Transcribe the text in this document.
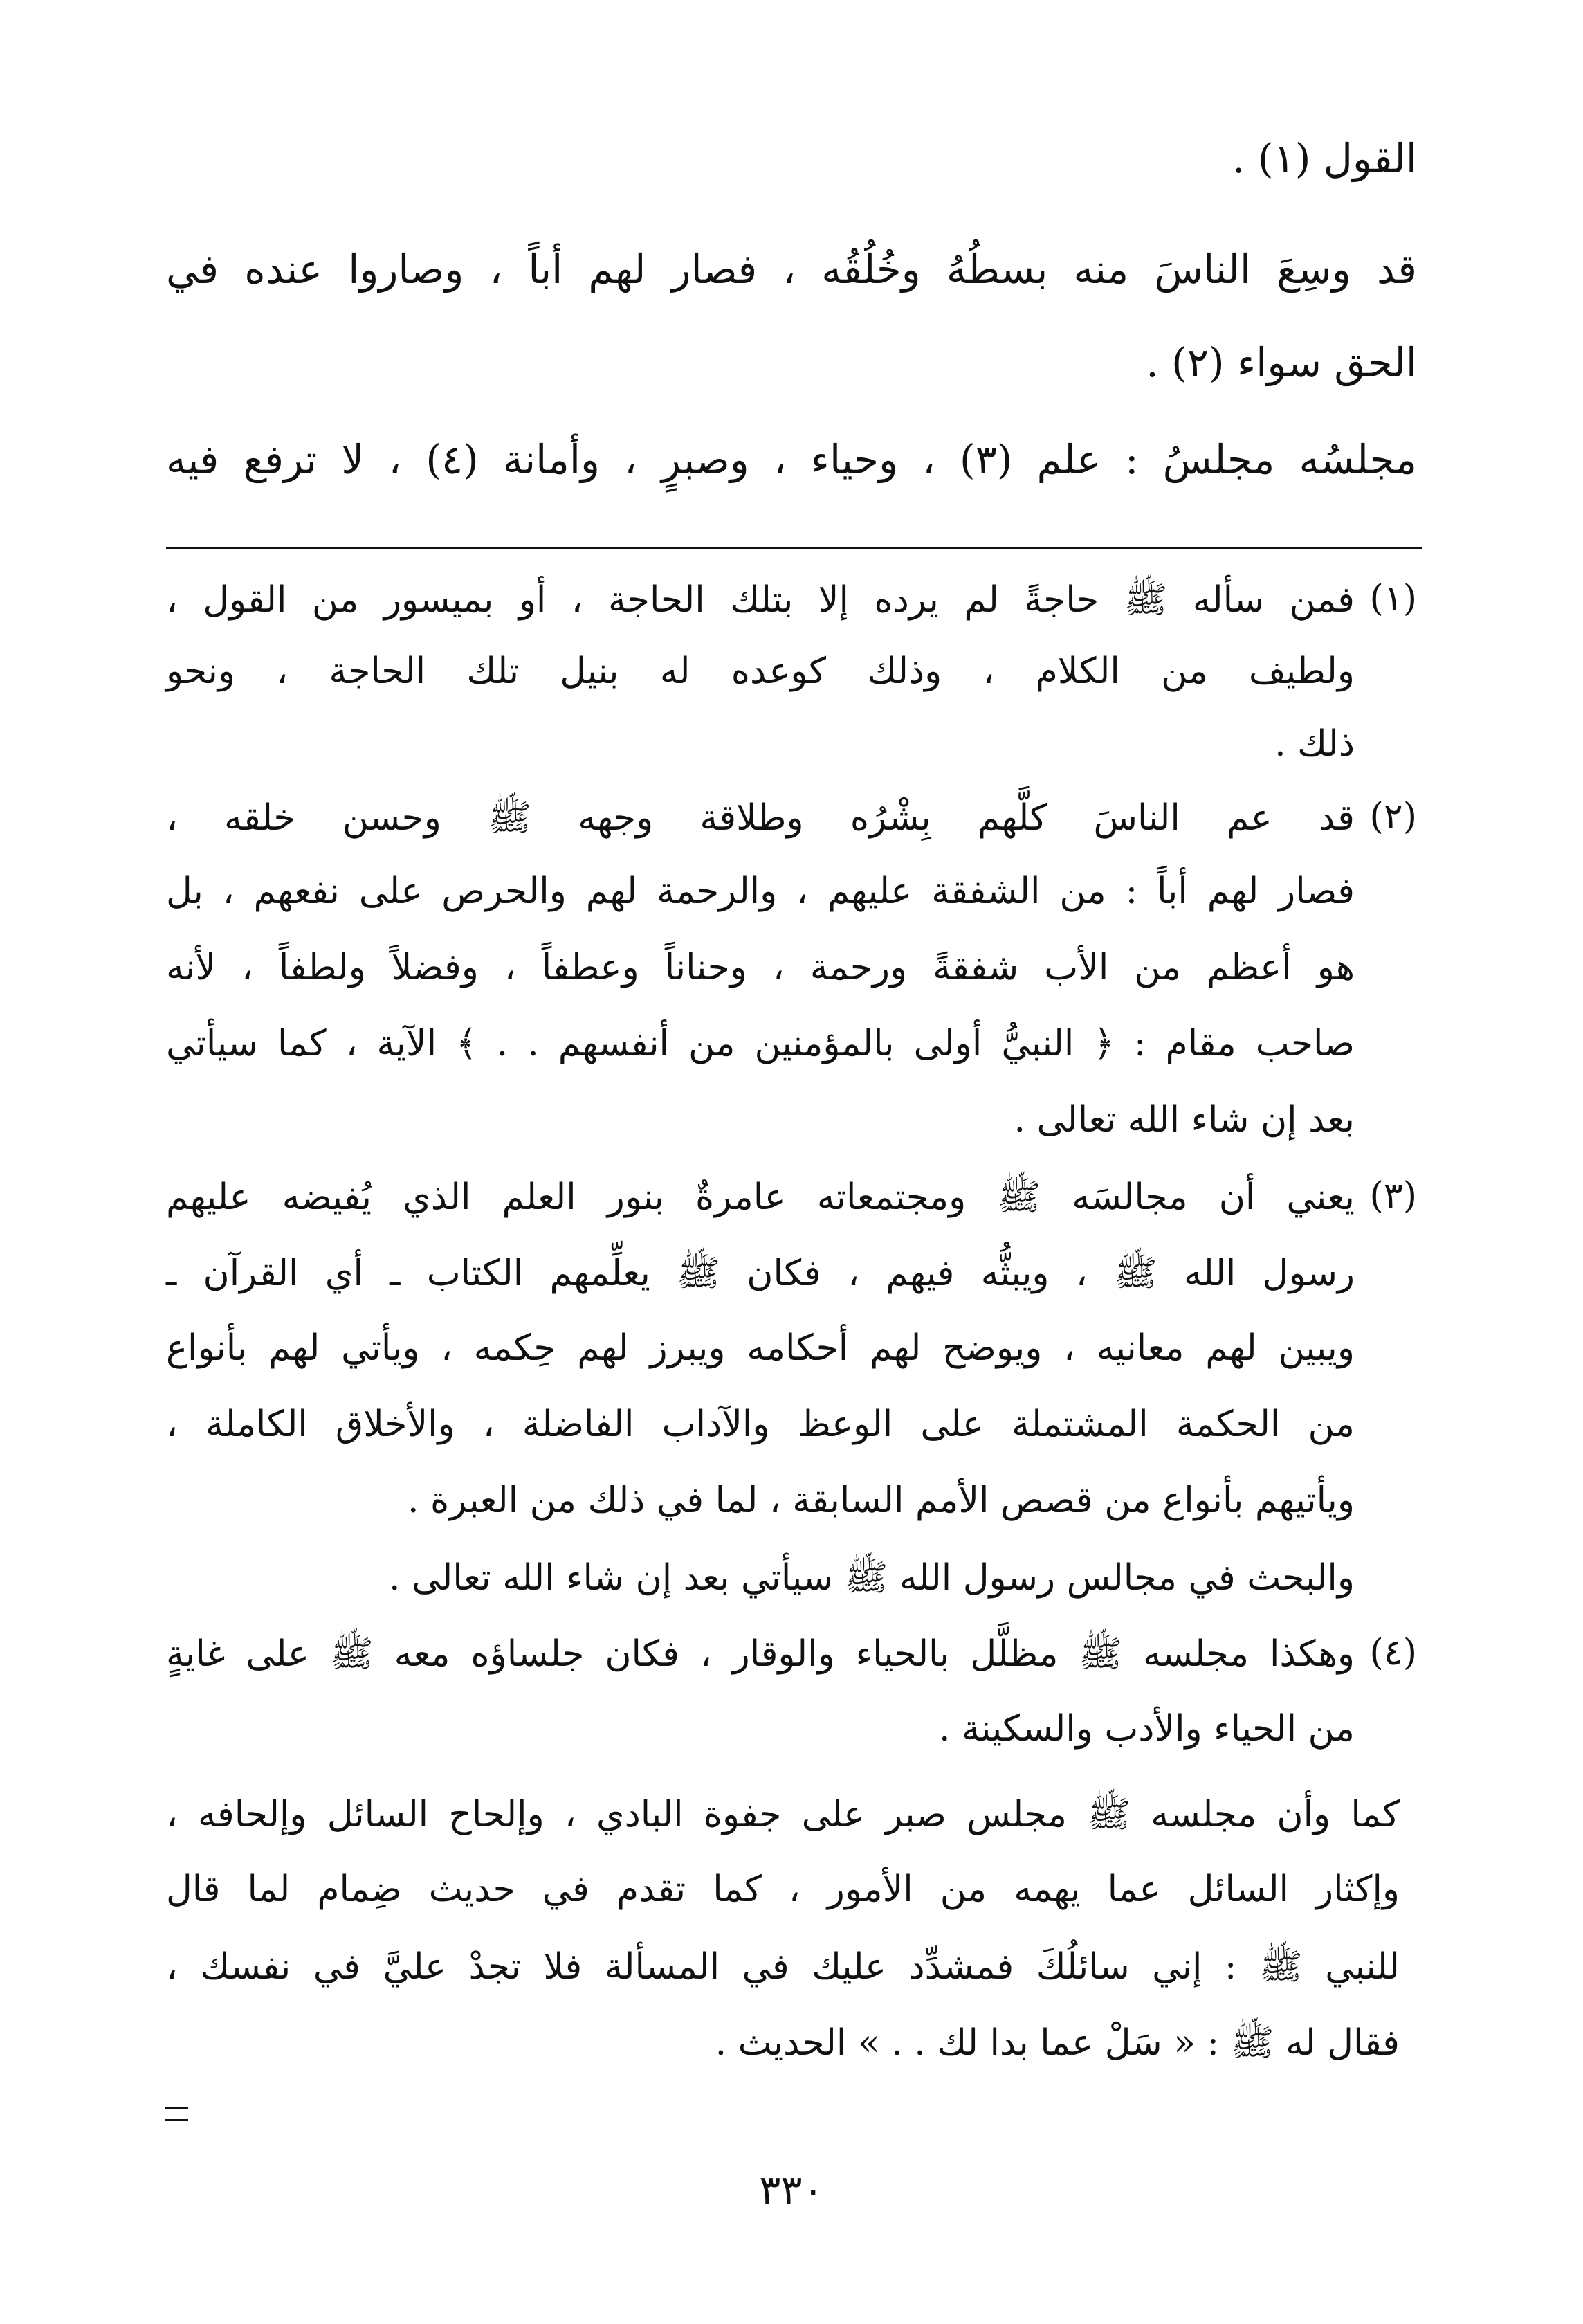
القول (١) .
قد وسِعَ الناسَ منه بسطُهُ وخُلُقُه ، فصار لهم أباً ، وصاروا عنده في
الحق سواء (٢) .
مجلسُه مجلسُ : علم (٣) ، وحياء ، وصبرٍ ، وأمانة (٤) ، لا ترفع فيه
(١)
فمن سأله ﷺ حاجةً لم يرده إلا بتلك الحاجة ، أو بميسور من القول ،
ولطيف من الكلام ، وذلك كوعده له بنيل تلك الحاجة ، ونحو
ذلك .
(٢)
قد عم الناسَ كلَّهم بِشْرُه وطلاقة وجهه ﷺ وحسن خلقه ،
فصار لهم أباً : من الشفقة عليهم ، والرحمة لهم والحرص على نفعهم ، بل
هو أعظم من الأب شفقةً ورحمة ، وحناناً وعطفاً ، وفضلاً ولطفاً ، لأنه
صاحب مقام : ﴿ النبيُّ أولى بالمؤمنين من أنفسهم . . ﴾ الآية ، كما سيأتي
بعد إن شاء الله تعالى .
(٣)
يعني أن مجالسَه ﷺ ومجتمعاته عامرةٌ بنور العلم الذي يُفيضه عليهم
رسول الله ﷺ ، ويبثُّه فيهم ، فكان ﷺ يعلِّمهم الكتاب ـ أي القرآن ـ
ويبين لهم معانيه ، ويوضح لهم أحكامه ويبرز لهم حِكمه ، ويأتي لهم بأنواع
من الحكمة المشتملة على الوعظ والآداب الفاضلة ، والأخلاق الكاملة ،
ويأتيهم بأنواع من قصص الأمم السابقة ، لما في ذلك من العبرة .
والبحث في مجالس رسول الله ﷺ سيأتي بعد إن شاء الله تعالى .
(٤)
وهكذا مجلسه ﷺ مظلَّل بالحياء والوقار ، فكان جلساؤه معه ﷺ على غايةٍ
من الحياء والأدب والسكينة .
كما وأن مجلسه ﷺ مجلس صبر على جفوة البادي ، وإلحاح السائل وإلحافه ،
وإكثار السائل عما يهمه من الأمور ، كما تقدم في حديث ضِمام لما قال
للنبي ﷺ : إني سائلُكَ فمشدِّد عليك في المسألة فلا تجدْ عليَّ في نفسك ،
فقال له ﷺ : « سَلْ عما بدا لك . . » الحديث .
٣٣٠
